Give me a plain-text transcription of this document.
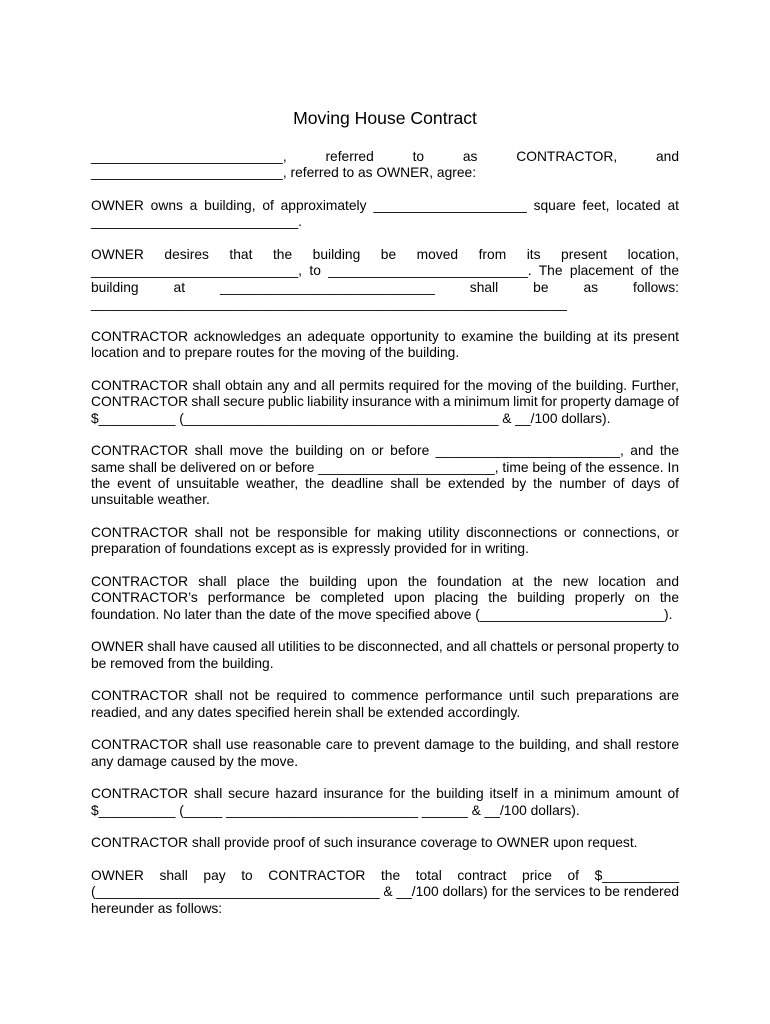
Moving House Contract
_________________________, referred to as CONTRACTOR, and
_________________________, referred to as OWNER, agree:
OWNER owns a building, of approximately ____________________ square feet, located at
___________________________.
OWNER desires that the building be moved from its present location,
___________________________, to __________________________. The placement of the
building at ____________________________ shall be as follows:
______________________________________________________________
CONTRACTOR acknowledges an adequate opportunity to examine the building at its present
location and to prepare routes for the moving of the building.
CONTRACTOR shall obtain any and all permits required for the moving of the building. Further,
CONTRACTOR shall secure public liability insurance with a minimum limit for property damage of
$__________ (_________________________________________ & __/100 dollars).
CONTRACTOR shall move the building on or before ________________________, and the
same shall be delivered on or before _______________________, time being of the essence. In
the event of unsuitable weather, the deadline shall be extended by the number of days of
unsuitable weather.
CONTRACTOR shall not be responsible for making utility disconnections or connections, or
preparation of foundations except as is expressly provided for in writing.
CONTRACTOR shall place the building upon the foundation at the new location and
CONTRACTOR’s performance be completed upon placing the building properly on the
foundation. No later than the date of the move specified above (________________________).
OWNER shall have caused all utilities to be disconnected, and all chattels or personal property to
be removed from the building.
CONTRACTOR shall not be required to commence performance until such preparations are
readied, and any dates specified herein shall be extended accordingly.
CONTRACTOR shall use reasonable care to prevent damage to the building, and shall restore
any damage caused by the move.
CONTRACTOR shall secure hazard insurance for the building itself in a minimum amount of
$__________ (_____ _________________________ ______ & __/100 dollars).
CONTRACTOR shall provide proof of such insurance coverage to OWNER upon request.
OWNER shall pay to CONTRACTOR the total contract price of $__________
(_____________________________________ & __/100 dollars) for the services to be rendered
hereunder as follows:
